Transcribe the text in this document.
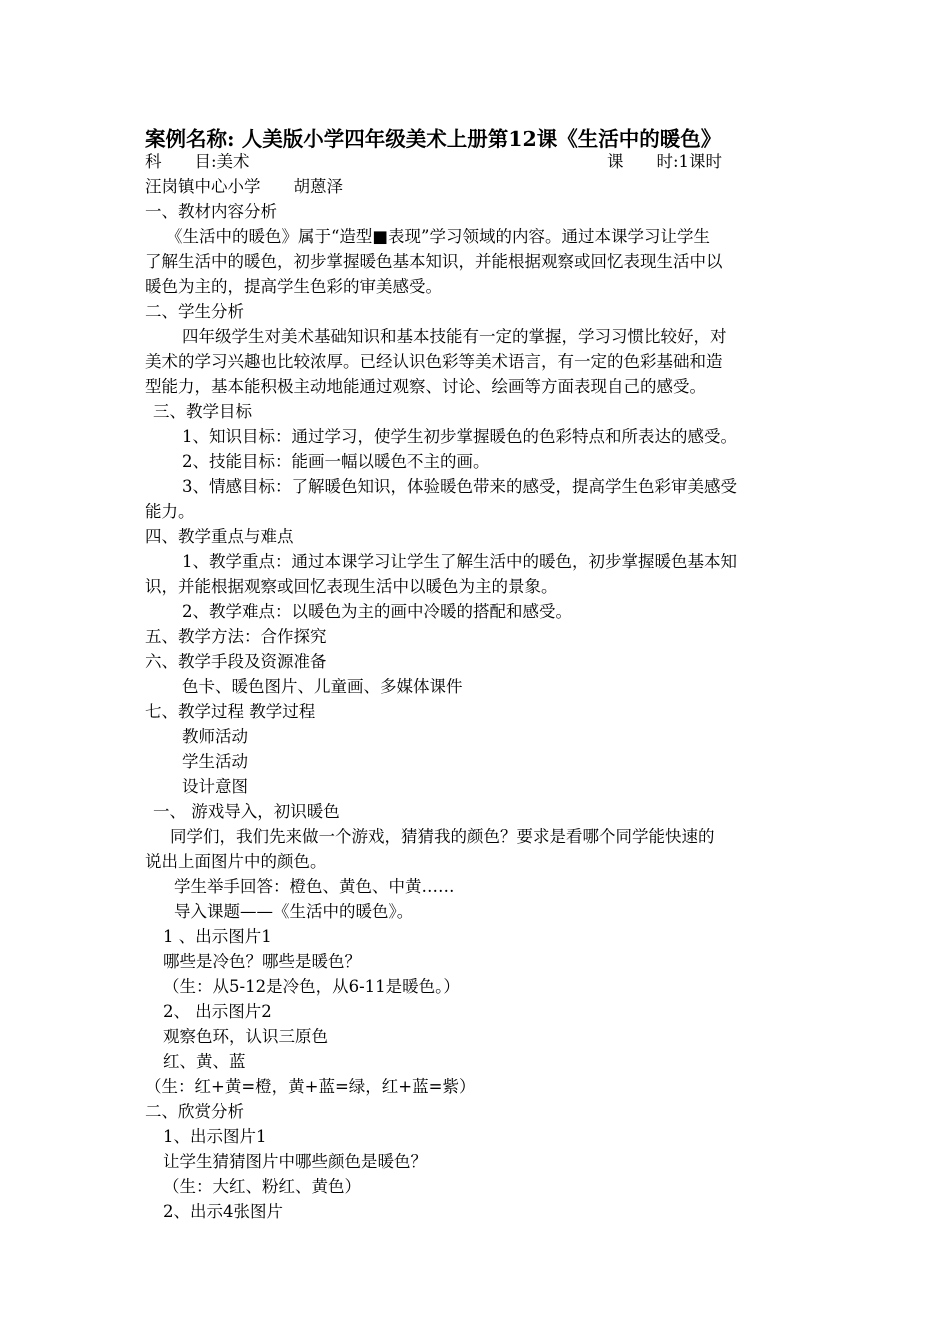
案例名称: 人美版小学四年级美术上册第12课《生活中的暖色》
科　　目:美术	课　　时:1课时
汪岗镇中心小学　　胡蒽泽
一、教材内容分析
《生活中的暖色》属于“造型■表现”学习领域的内容。通过本课学习让学生
了解生活中的暖色，初步掌握暖色基本知识，并能根据观察或回忆表现生活中以
暖色为主的，提高学生色彩的审美感受。
二、学生分析
四年级学生对美术基础知识和基本技能有一定的掌握，学习习惯比较好，对
美术的学习兴趣也比较浓厚。已经认识色彩等美术语言，有一定的色彩基础和造
型能力，基本能积极主动地能通过观察、讨论、绘画等方面表现自己的感受。
三、教学目标
1、知识目标：通过学习，使学生初步掌握暖色的色彩特点和所表达的感受。
2、技能目标：能画一幅以暖色不主的画。
3、情感目标：了解暖色知识，体验暖色带来的感受，提高学生色彩审美感受
能力。
四、教学重点与难点
1、教学重点：通过本课学习让学生了解生活中的暖色，初步掌握暖色基本知
识，并能根据观察或回忆表现生活中以暖色为主的景象。
2、教学难点：以暖色为主的画中冷暖的搭配和感受。
五、教学方法：合作探究
六、教学手段及资源准备
色卡、暖色图片、儿童画、多媒体课件
七、教学过程 教学过程
教师活动
学生活动
设计意图
一、 游戏导入，初识暖色
同学们，我们先来做一个游戏，猜猜我的颜色？要求是看哪个同学能快速的
说出上面图片中的颜色。
学生举手回答：橙色、黄色、中黄……
导入课题——《生活中的暖色》。
1 、出示图片1
哪些是冷色？哪些是暖色？
（生：从5-12是冷色，从6-11是暖色。）
2、 出示图片2
观察色环，认识三原色
红、黄、蓝
（生：红+黄=橙，黄+蓝=绿，红+蓝=紫）
二、欣赏分析
1、出示图片1
让学生猜猜图片中哪些颜色是暖色？
（生：大红、粉红、黄色）
2、出示4张图片
